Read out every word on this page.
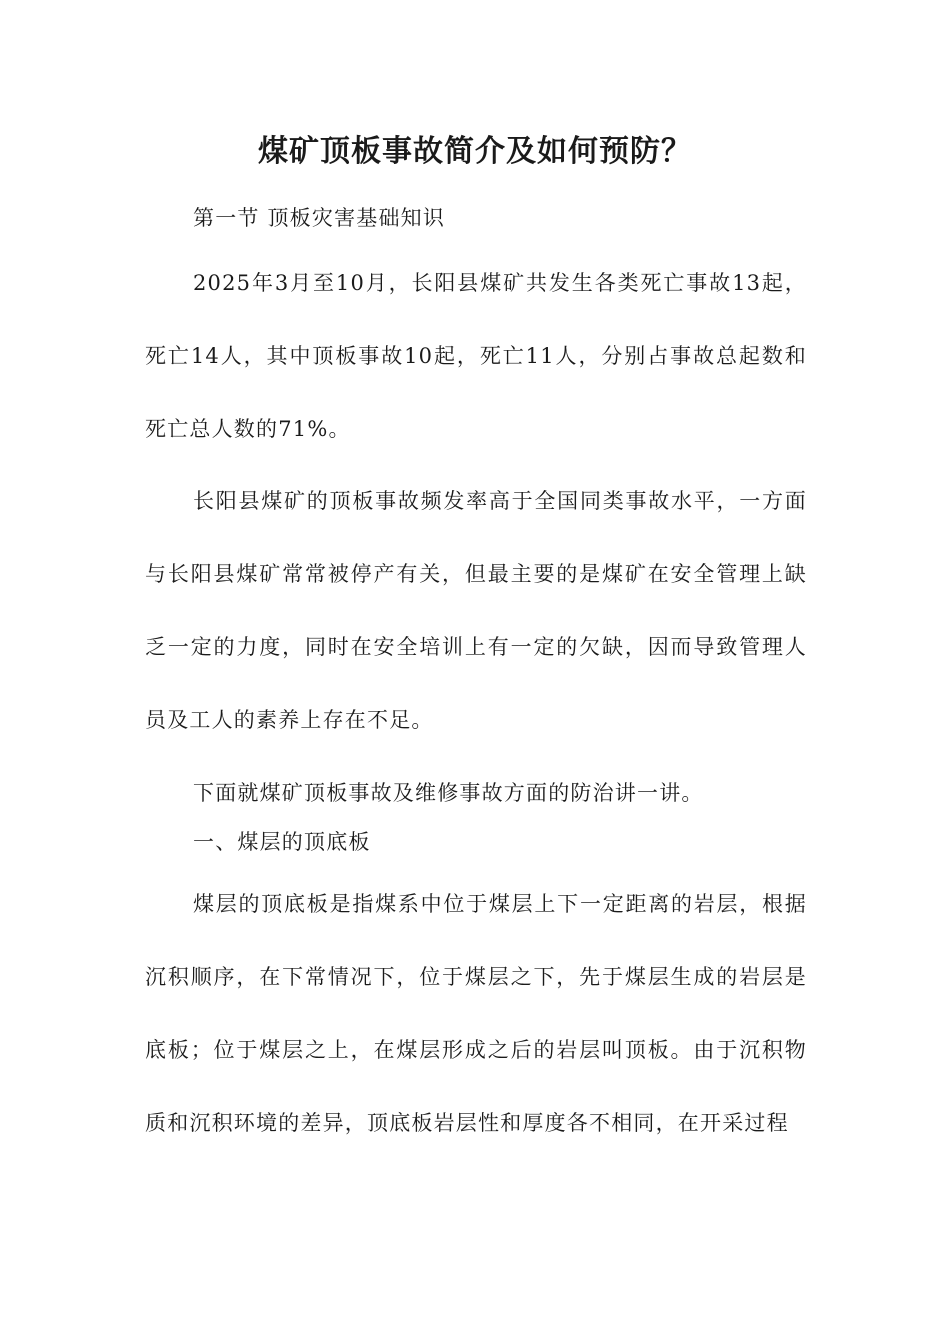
煤矿顶板事故简介及如何预防？

第一节 顶板灾害基础知识

2025年3月至10月，长阳县煤矿共发生各类死亡事故13起，死亡14人，其中顶板事故10起，死亡11人，分别占事故总起数和死亡总人数的71%。

长阳县煤矿的顶板事故频发率高于全国同类事故水平，一方面与长阳县煤矿常常被停产有关，但最主要的是煤矿在安全管理上缺乏一定的力度，同时在安全培训上有一定的欠缺，因而导致管理人员及工人的素养上存在不足。

下面就煤矿顶板事故及维修事故方面的防治讲一讲。

一、煤层的顶底板

煤层的顶底板是指煤系中位于煤层上下一定距离的岩层，根据沉积顺序，在下常情况下，位于煤层之下，先于煤层生成的岩层是底板；位于煤层之上，在煤层形成之后的岩层叫顶板。由于沉积物质和沉积环境的差异，顶底板岩层性和厚度各不相同，在开采过程
